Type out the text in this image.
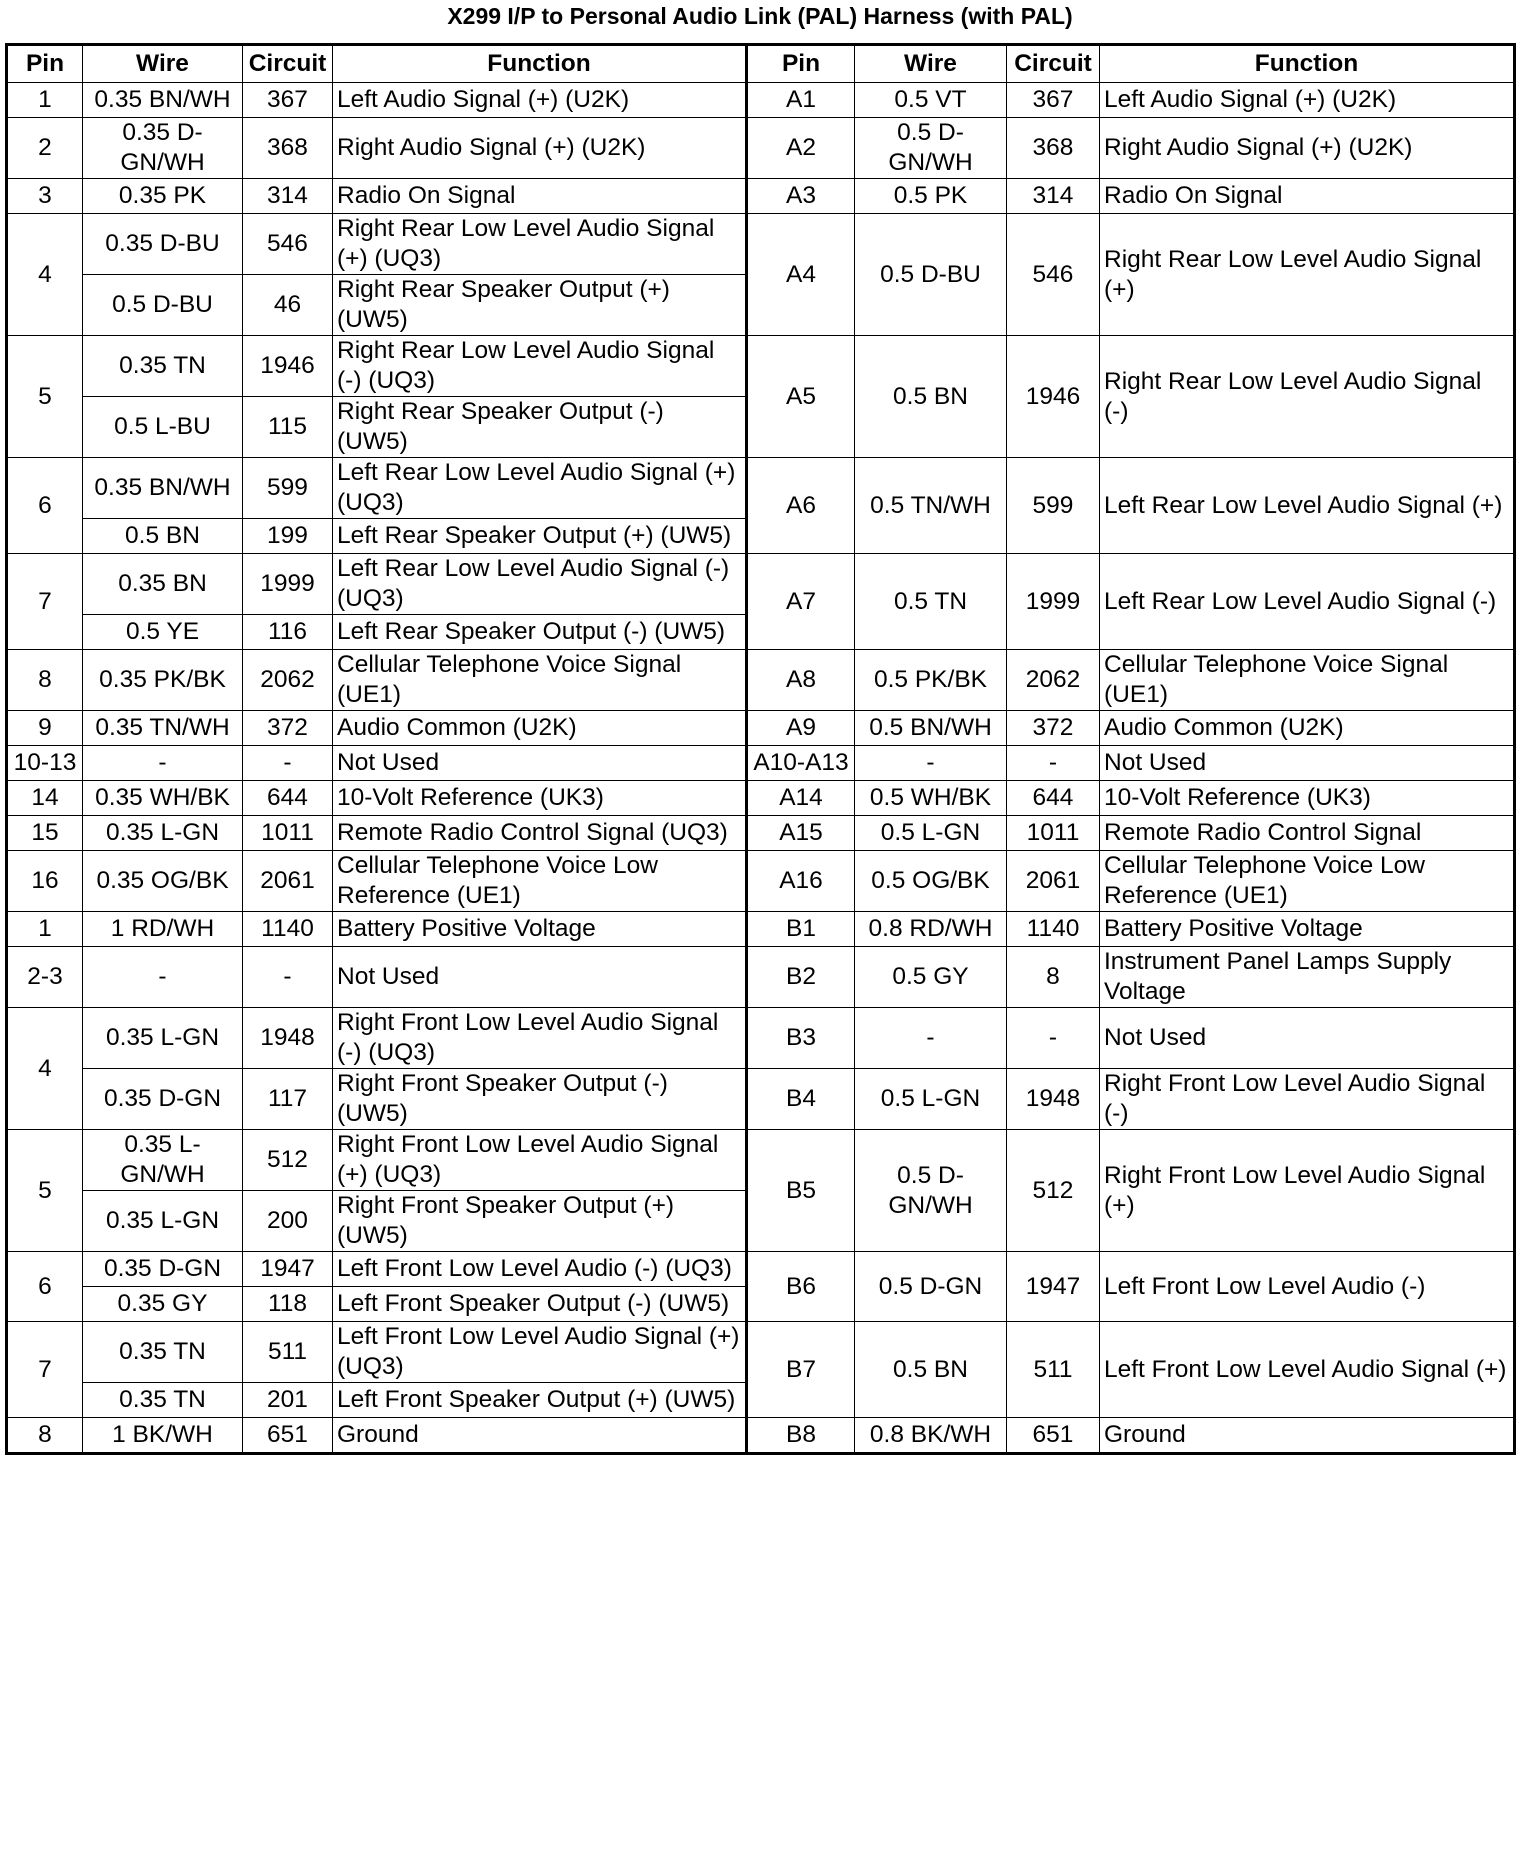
X299 I/P to Personal Audio Link (PAL) Harness (with PAL)
Pin	Wire	Circuit	Function	Pin	Wire	Circuit	Function
1	0.35 BN/WH	367	Left Audio Signal (+) (U2K)	A1	0.5 VT	367	Left Audio Signal (+) (U2K)
2	0.35 D-GN/WH	368	Right Audio Signal (+) (U2K)	A2	0.5 D-GN/WH	368	Right Audio Signal (+) (U2K)
3	0.35 PK	314	Radio On Signal	A3	0.5 PK	314	Radio On Signal
4	0.35 D-BU	546	Right Rear Low Level Audio Signal (+) (UQ3)	A4	0.5 D-BU	546	Right Rear Low Level Audio Signal (+)
	0.5 D-BU	46	Right Rear Speaker Output (+) (UW5)				
5	0.35 TN	1946	Right Rear Low Level Audio Signal (-) (UQ3)	A5	0.5 BN	1946	Right Rear Low Level Audio Signal (-)
	0.5 L-BU	115	Right Rear Speaker Output (-) (UW5)				
6	0.35 BN/WH	599	Left Rear Low Level Audio Signal (+) (UQ3)	A6	0.5 TN/WH	599	Left Rear Low Level Audio Signal (+)
	0.5 BN	199	Left Rear Speaker Output (+) (UW5)				
7	0.35 BN	1999	Left Rear Low Level Audio Signal (-) (UQ3)	A7	0.5 TN	1999	Left Rear Low Level Audio Signal (-)
	0.5 YE	116	Left Rear Speaker Output (-) (UW5)				
8	0.35 PK/BK	2062	Cellular Telephone Voice Signal (UE1)	A8	0.5 PK/BK	2062	Cellular Telephone Voice Signal (UE1)
9	0.35 TN/WH	372	Audio Common (U2K)	A9	0.5 BN/WH	372	Audio Common (U2K)
10-13	-	-	Not Used	A10-A13	-	-	Not Used
14	0.35 WH/BK	644	10-Volt Reference (UK3)	A14	0.5 WH/BK	644	10-Volt Reference (UK3)
15	0.35 L-GN	1011	Remote Radio Control Signal (UQ3)	A15	0.5 L-GN	1011	Remote Radio Control Signal
16	0.35 OG/BK	2061	Cellular Telephone Voice Low Reference (UE1)	A16	0.5 OG/BK	2061	Cellular Telephone Voice Low Reference (UE1)
1	1 RD/WH	1140	Battery Positive Voltage	B1	0.8 RD/WH	1140	Battery Positive Voltage
2-3	-	-	Not Used	B2	0.5 GY	8	Instrument Panel Lamps Supply Voltage
4	0.35 L-GN	1948	Right Front Low Level Audio Signal (-) (UQ3)	B3	-	-	Not Used
	0.35 D-GN	117	Right Front Speaker Output (-) (UW5)	B4	0.5 L-GN	1948	Right Front Low Level Audio Signal (-)
5	0.35 L-GN/WH	512	Right Front Low Level Audio Signal (+) (UQ3)	B5	0.5 D-GN/WH	512	Right Front Low Level Audio Signal (+)
	0.35 L-GN	200	Right Front Speaker Output (+) (UW5)				
6	0.35 D-GN	1947	Left Front Low Level Audio (-) (UQ3)	B6	0.5 D-GN	1947	Left Front Low Level Audio (-)
	0.35 GY	118	Left Front Speaker Output (-) (UW5)				
7	0.35 TN	511	Left Front Low Level Audio Signal (+) (UQ3)	B7	0.5 BN	511	Left Front Low Level Audio Signal (+)
	0.35 TN	201	Left Front Speaker Output (+) (UW5)				
8	1 BK/WH	651	Ground	B8	0.8 BK/WH	651	Ground
